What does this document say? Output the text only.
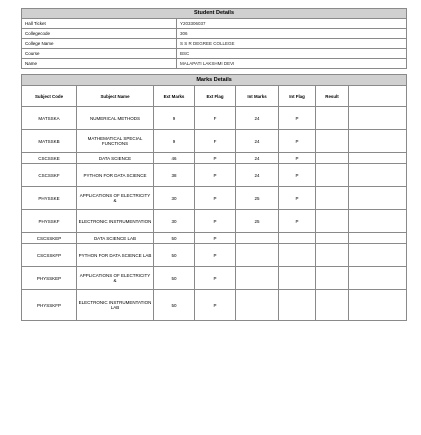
Student Details	
Hall Ticket	Y203306037
Collegecode	306
College Name	S S R DEGREE COLLEGE
Course	BSC
Name	MALAPATI LAKSHMI DEVI
Marks Details							
Subject Code	Subject Name	Ext Marks	Ext Flag	Int Marks	Int Flag	Result	
MATSSKA	NUMERICAL METHODS	9	F	24	P		
MATSSKB	MATHEMATICAL SPECIAL FUNCTIONS	9	F	24	P		
CSCSSKE	DATA SCIENCE	46	P	24	P		
CSCSSKF	PYTHON FOR DATA SCIENCE	38	P	24	P		
PHYSSKE	APPLICATIONS OF ELECTRICITY &	30	P	25	P		
PHYSSKF	ELECTRONIC INSTRUMENTATION	30	P	25	P		
CSCSSKEP	DATA SCIENCE LAB	50	P				
CSCSSKFP	PYTHON FOR DATA SCIENCE LAB	50	P				
PHYSSKEP	APPLICATIONS OF ELECTRICITY &	50	P				
PHYSSKFP	ELECTRONIC INSTRUMENTATION LAB	50	P				
